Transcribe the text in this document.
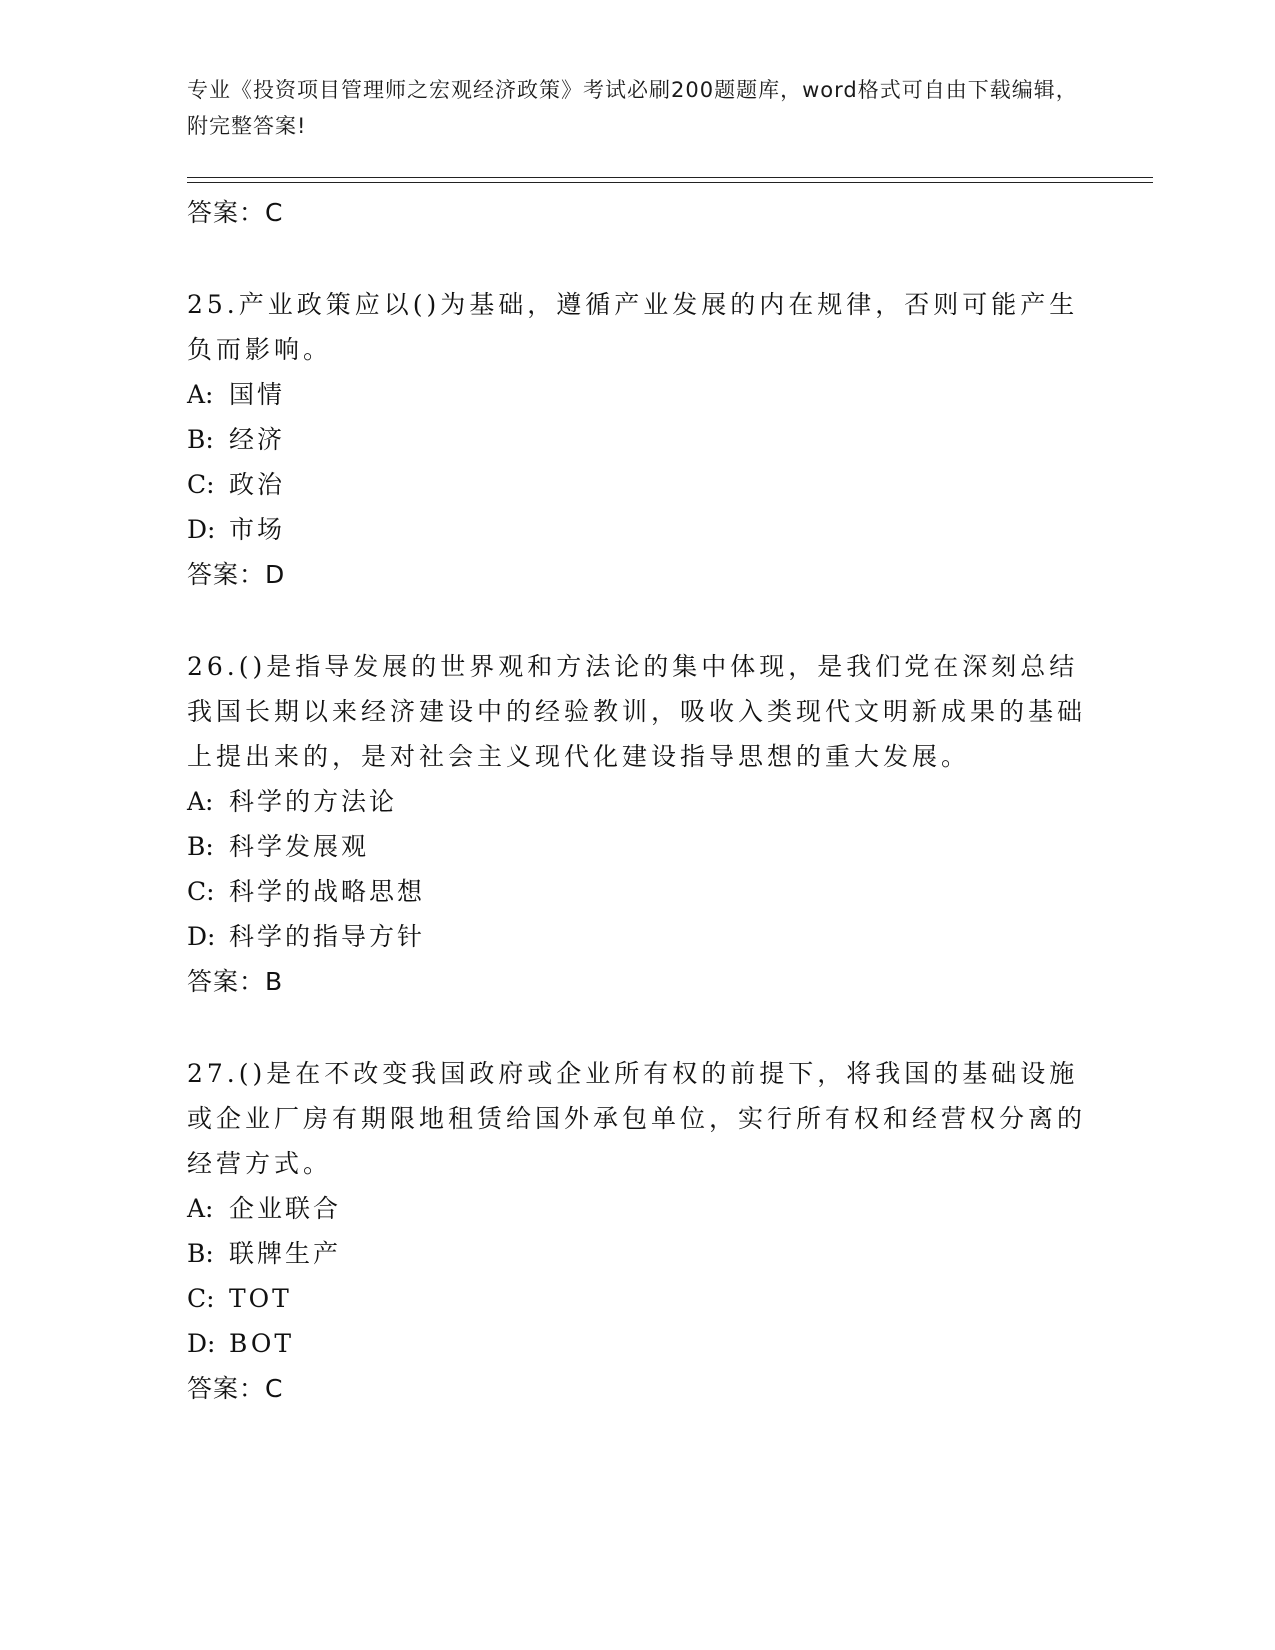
专业《投资项目管理师之宏观经济政策》考试必刷200题题库，word格式可自由下载编辑，附完整答案!
答案：C
25.产业政策应以()为基础，遵循产业发展的内在规律，否则可能产生负而影响。
A: 国情
B: 经济
C: 政治
D: 市场
答案：D
26.()是指导发展的世界观和方法论的集中体现，是我们党在深刻总结我国长期以来经济建设中的经验教训，吸收入类现代文明新成果的基础上提出来的，是对社会主义现代化建设指导思想的重大发展。
A: 科学的方法论
B: 科学发展观
C: 科学的战略思想
D: 科学的指导方针
答案：B
27.()是在不改变我国政府或企业所有权的前提下，将我国的基础设施或企业厂房有期限地租赁给国外承包单位，实行所有权和经营权分离的经营方式。
A: 企业联合
B: 联牌生产
C: TOT
D: BOT
答案：C
